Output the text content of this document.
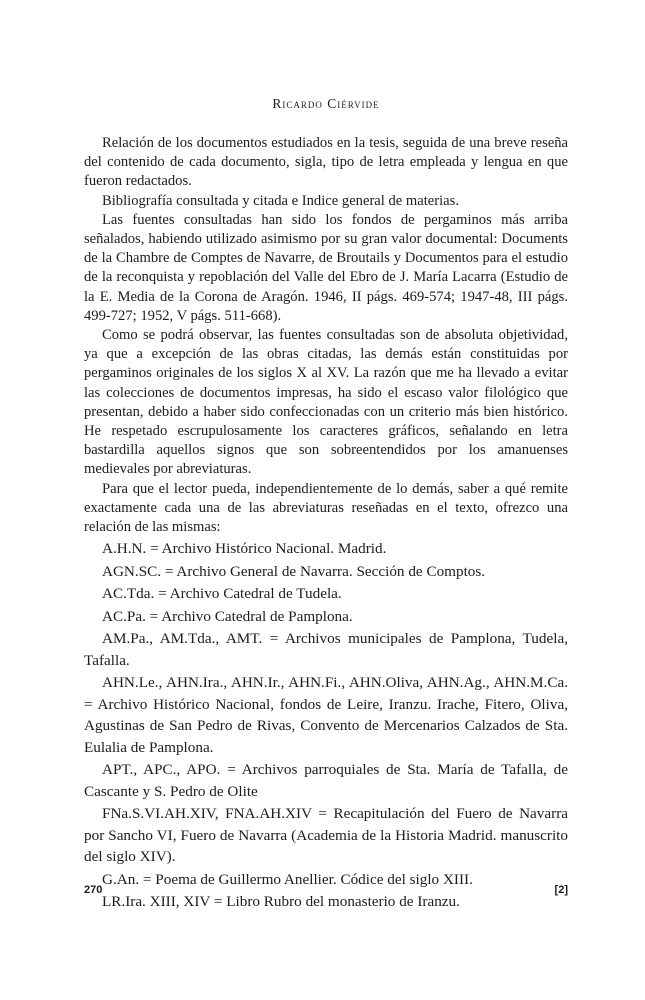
Ricardo Ciérvide

Relación de los documentos estudiados en la tesis, seguida de una breve reseña del contenido de cada documento, sigla, tipo de letra empleada y lengua en que fueron redactados.

Bibliografía consultada y citada e Indice general de materias.

Las fuentes consultadas han sido los fondos de pergaminos más arriba señalados, habiendo utilizado asimismo por su gran valor documental: Documents de la Chambre de Comptes de Navarre, de Broutails y Documentos para el estudio de la reconquista y repoblación del Valle del Ebro de J. María Lacarra (Estudio de la E. Media de la Corona de Aragón. 1946, II págs. 469-574; 1947-48, III págs. 499-727; 1952, V págs. 511-668).

Como se podrá observar, las fuentes consultadas son de absoluta objetividad, ya que a excepción de las obras citadas, las demás están constituidas por pergaminos originales de los siglos X al XV. La razón que me ha llevado a evitar las colecciones de documentos impresas, ha sido el escaso valor filológico que presentan, debido a haber sido confeccionadas con un criterio más bien histórico. He respetado escrupulosamente los caracteres gráficos, señalando en letra bastardilla aquellos signos que son sobreentendidos por los amanuenses medievales por abreviaturas.

Para que el lector pueda, independientemente de lo demás, saber a qué remite exactamente cada una de las abreviaturas reseñadas en el texto, ofrezco una relación de las mismas:

A.H.N. = Archivo Histórico Nacional. Madrid.

AGN.SC. = Archivo General de Navarra. Sección de Comptos.

AC.Tda. = Archivo Catedral de Tudela.

AC.Pa. = Archivo Catedral de Pamplona.

AM.Pa., AM.Tda., AMT. = Archivos municipales de Pamplona, Tudela, Tafalla.

AHN.Le., AHN.Ira., AHN.Ir., AHN.Fi., AHN.Oliva, AHN.Ag., AHN.M.Ca. = Archivo Histórico Nacional, fondos de Leire, Iranzu. Irache, Fitero, Oliva, Agustinas de San Pedro de Rivas, Convento de Mercenarios Calzados de Sta. Eulalia de Pamplona.

APT., APC., APO. = Archivos parroquiales de Sta. María de Tafalla, de Cascante y S. Pedro de Olite

FNa.S.VI.AH.XIV, FNA.AH.XIV = Recapitulación del Fuero de Navarra por Sancho VI, Fuero de Navarra (Academia de la Historia Madrid. manuscrito del siglo XIV).

G.An. = Poema de Guillermo Anellier. Códice del siglo XIII.

LR.Ira. XIII, XIV = Libro Rubro del monasterio de Iranzu.

270	[2]
